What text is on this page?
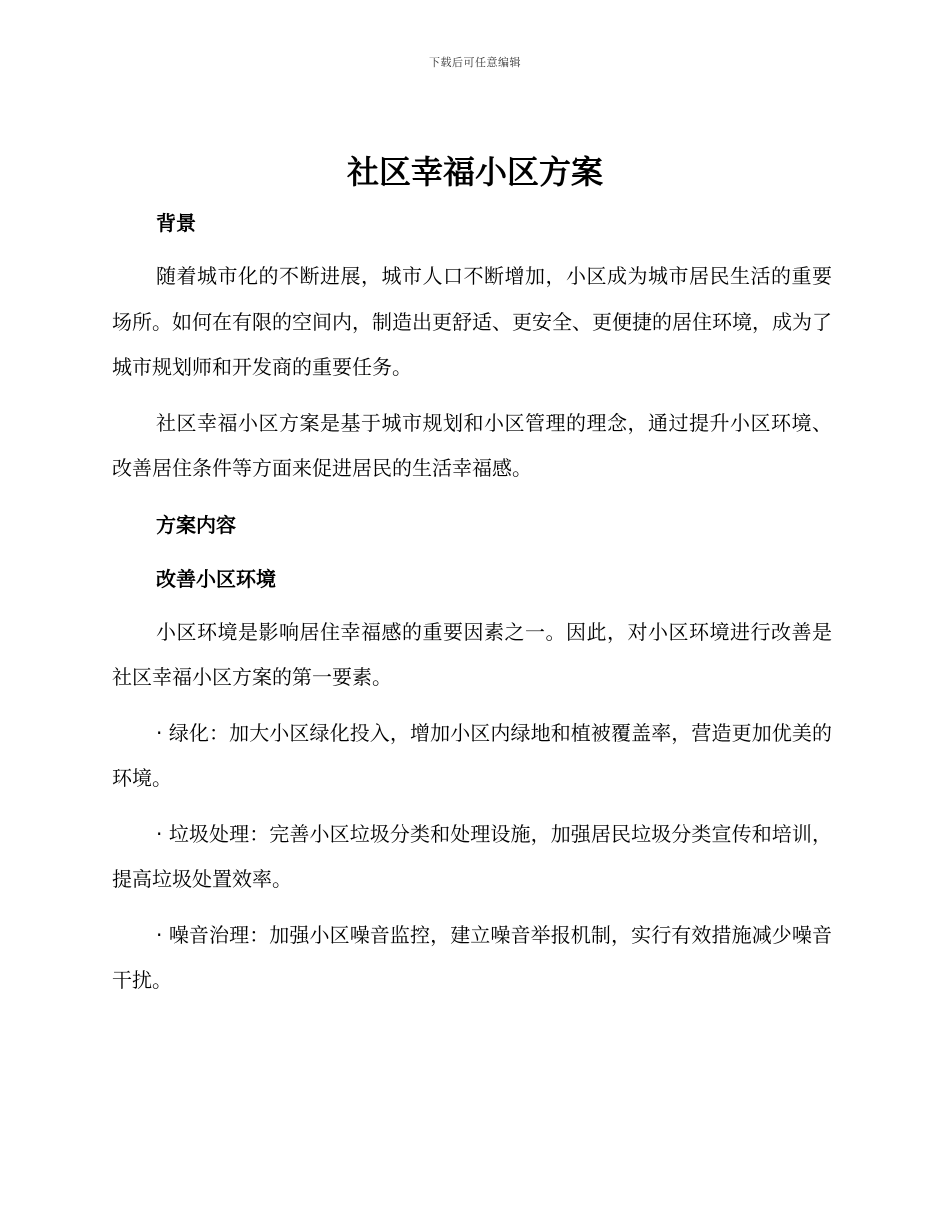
下载后可任意编辑
社区幸福小区方案
背景

随着城市化的不断进展，城市人口不断增加，小区成为城市居民生活的重要场所。如何在有限的空间内，制造出更舒适、更安全、更便捷的居住环境，成为了城市规划师和开发商的重要任务。

社区幸福小区方案是基于城市规划和小区管理的理念，通过提升小区环境、改善居住条件等方面来促进居民的生活幸福感。

方案内容
改善小区环境

小区环境是影响居住幸福感的重要因素之一。因此，对小区环境进行改善是社区幸福小区方案的第一要素。

· 绿化：加大小区绿化投入，增加小区内绿地和植被覆盖率，营造更加优美的环境。

· 垃圾处理：完善小区垃圾分类和处理设施，加强居民垃圾分类宣传和培训，提高垃圾处置效率。

· 噪音治理：加强小区噪音监控，建立噪音举报机制，实行有效措施减少噪音干扰。
